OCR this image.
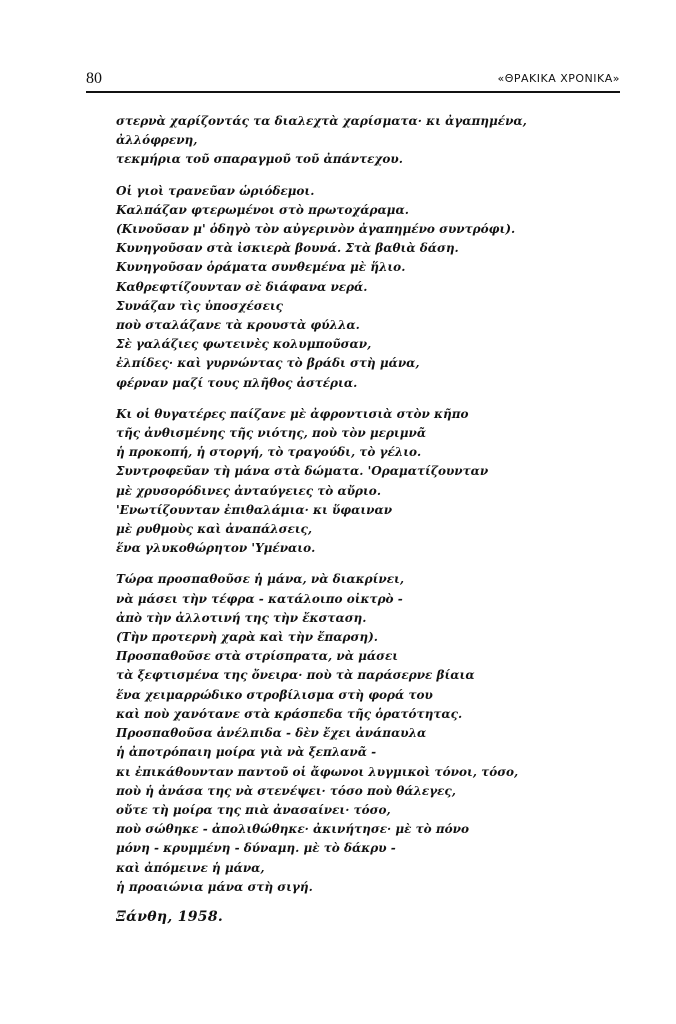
80	«ΘΡΑΚΙΚΑ ΧΡΟΝΙΚΑ»
στερνὰ χαρίζοντάς τα διαλεχτὰ χαρίσματα· κι ἀγαπημένα,
ἀλλόφρενη,
τεκμήρια τοῦ σπαραγμοῦ τοῦ ἀπάντεχου.
Οἱ γιοὶ τρανεῦαν ὡριόδεμοι.
Καλπάζαν φτερωμένοι στὸ πρωτοχάραμα.
(Κινοῦσαν μ' ὁδηγὸ τὸν αὐγερινὸν ἀγαπημένο συντρόφι).
Κυνηγοῦσαν στὰ ἰσκιερὰ βουνά. Στὰ βαθιὰ δάση.
Κυνηγοῦσαν ὁράματα συνθεμένα μὲ ἥλιο.
Καθρεφτίζουνταν σὲ διάφανα νερά.
Συνάζαν τὶς ὑποσχέσεις
ποὺ σταλάζανε τὰ κρουστὰ φύλλα.
Σὲ γαλάζιες φωτεινὲς κολυμποῦσαν,
ἐλπίδες· καὶ γυρνώντας τὸ βράδι στὴ μάνα,
φέρναν μαζί τους πλῆθος ἀστέρια.
Κι οἱ θυγατέρες παίζανε μὲ ἀφροντισιὰ στὸν κῆπο
τῆς ἀνθισμένης τῆς νιότης, ποὺ τὸν μεριμνᾶ
ἡ προκοπή, ἡ στοργή, τὸ τραγούδι, τὸ γέλιο.
Συντροφεῦαν τὴ μάνα στὰ δώματα. 'Οραματίζουνταν
μὲ χρυσορόδινες ἀνταύγειες τὸ αὔριο.
'Ενωτίζουνταν ἐπιθαλάμια· κι ὕφαιναν
μὲ ρυθμοὺς καὶ ἀναπάλσεις,
ἕνα γλυκοθώρητον 'Υμέναιο.
Τώρα προσπαθοῦσε ἡ μάνα, νὰ διακρίνει,
νὰ μάσει τὴν τέφρα - κατάλοιπο οἰκτρὸ -
ἀπὸ τὴν ἀλλοτινή της τὴν ἔκσταση.
(Τὴν προτερνὴ χαρὰ καὶ τὴν ἔπαρση).
Προσπαθοῦσε στὰ στρίσπρατα, νὰ μάσει
τὰ ξεφτισμένα της ὄνειρα· ποὺ τὰ παράσερνε βίαια
ἕνα χειμαρρώδικο στροβίλισμα στὴ φορά του
καὶ ποὺ χανότανε στὰ κράσπεδα τῆς ὁρατότητας.
Προσπαθοῦσα ἀνέλπιδα - δὲν ἔχει ἀνάπαυλα
ἡ ἀποτρόπαιη μοίρα γιὰ νὰ ξεπλανᾶ -
κι ἐπικάθουνταν παντοῦ οἱ ἄφωνοι λυγμικοὶ τόνοι, τόσο,
ποὺ ἡ ἀνάσα της νὰ στενέψει· τόσο ποὺ θάλεγες,
οὔτε τὴ μοίρα της πιὰ ἀνασαίνει· τόσο,
ποὺ σώθηκε - ἀπολιθώθηκε· ἀκινήτησε· μὲ τὸ πόνο
μόνη - κρυμμένη - δύναμη. μὲ τὸ δάκρυ -
καὶ ἀπόμεινε ἡ μάνα,
ἡ προαιώνια μάνα στὴ σιγή.
Ξάνθη, 1958.
